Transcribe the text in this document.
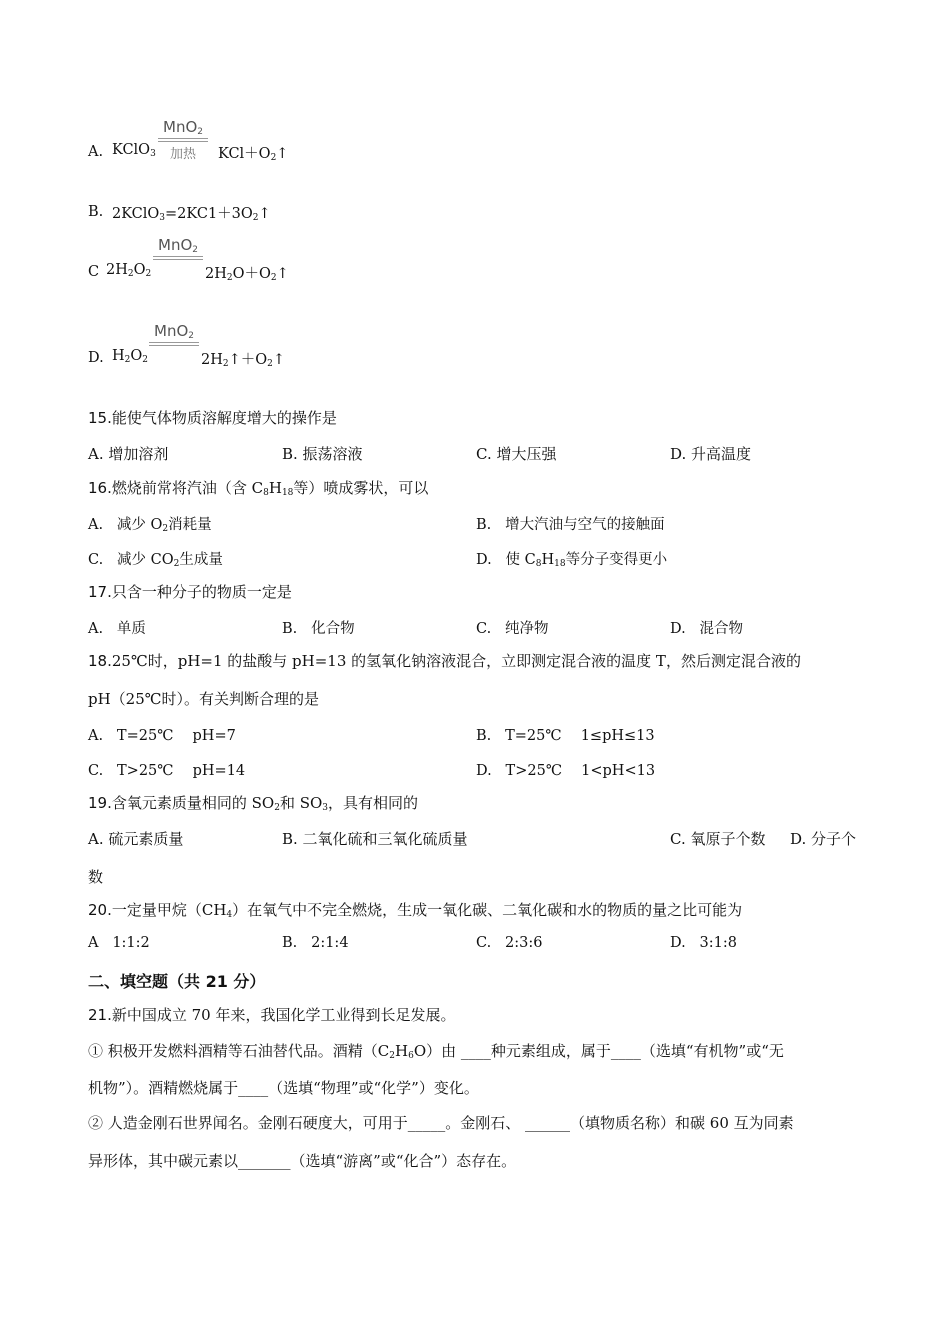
A. KClO$_3$
MnO$_2$
加热	$KCl+O_2↑$
B. $2KClO_3=2KC1+3O_2↑$
C $2H_2O_2$
MnO$_2$
$2H_2O+O_2↑$
D. $H_2O_2$
MnO$_2$
$2H_2↑+O_2↑$
15.能使气体物质溶解度增大的操作是
A. 增加溶剂	B. 振荡溶液	C. 增大压强	D. 升高温度
16.燃烧前常将汽油（含 $C_8H_{18}$等）喷成雾状，可以
A. 减少 $O_2$消耗量	B. 增大汽油与空气的接触面
C. 减少 $CO_2$生成量	D. 使 $C_8H_{18}$等分子变得更小
17.只含一种分子的物质一定是
A. 单质	B. 化合物	C. 纯净物	D. 混合物
18.25℃时，pH=1 的盐酸与 pH=13 的氢氧化钠溶液混合，立即测定混合液的温度 T，然后测定混合液的
pH（25℃时）。有关判断合理的是
A. T=25℃　 pH=7	B. T=25℃　 1≤pH≤13
C. T>25℃　 pH=14	D. T>25℃　 1<pH<13
19.含氧元素质量相同的 $SO_2$和 $SO_3$，具有相同的
A. 硫元素质量	B. 二氧化硫和三氧化硫质量	C. 氧原子个数 D. 分子个
数
20.一定量甲烷$(CH_4)$在氧气中不完全燃烧，生成一氧化碳、二氧化碳和水的物质的量之比可能为
A 1:1:2	B. 2:1:4	C. 2:3:6	D. 3:1:8
二、填空题（共 21 分）
21.新中国成立 70 年来，我国化学工业得到长足发展。
① 积极开发燃料酒精等石油替代品。酒精$(C_2H_6O)$由 ____种元素组成，属于____（选填“有机物”或“无
机物”）。酒精燃烧属于____（选填“物理”或“化学”）变化。
② 人造金刚石世界闻名。金刚石硬度大，可用于_____。金刚石、 ______（填物质名称）和碳 60 互为同素
异形体，其中碳元素以_______（选填“游离”或“化合”）态存在。
